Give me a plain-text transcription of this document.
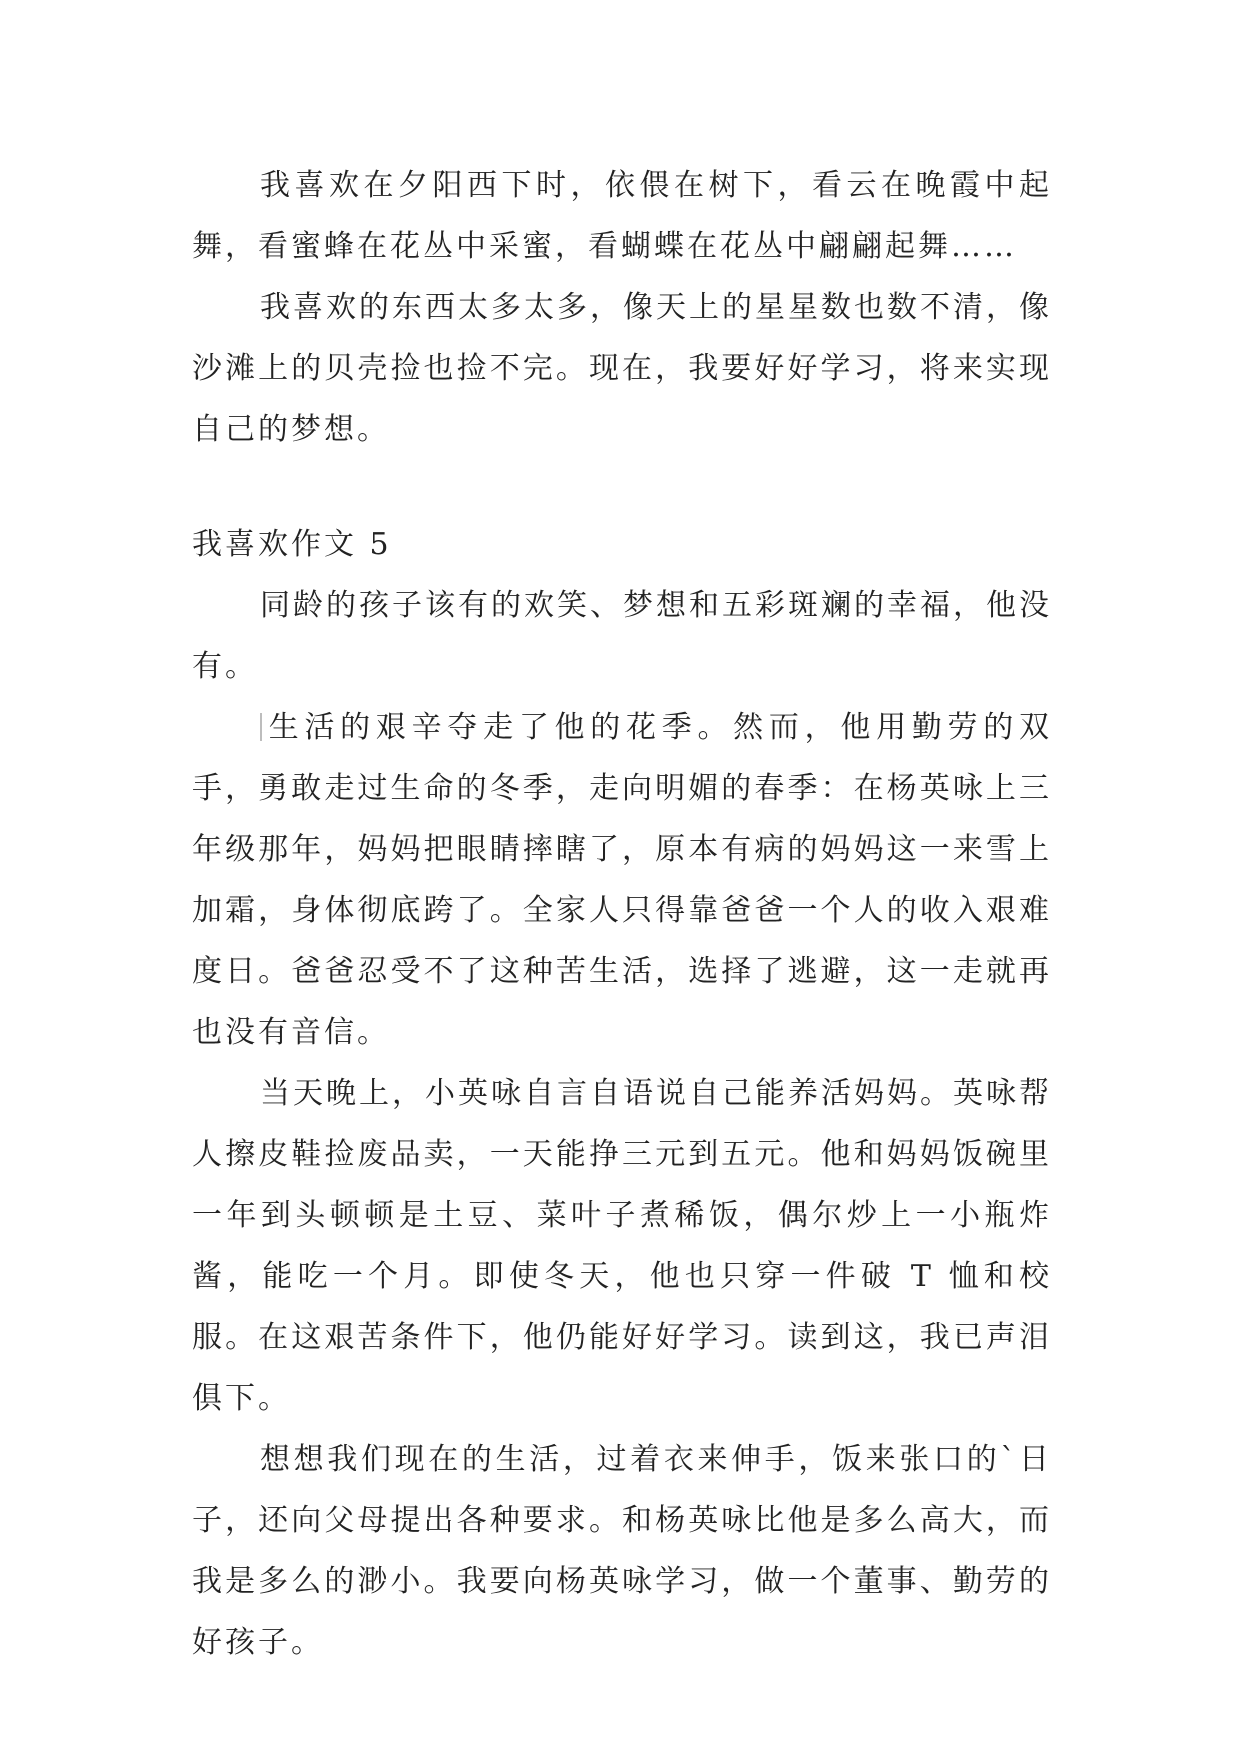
我喜欢在夕阳西下时，依偎在树下，看云在晚霞中起舞，看蜜蜂在花丛中采蜜，看蝴蝶在花丛中翩翩起舞……

我喜欢的东西太多太多，像天上的星星数也数不清，像沙滩上的贝壳捡也捡不完。现在，我要好好学习，将来实现自己的梦想。

我喜欢作文 5

同龄的孩子该有的欢笑、梦想和五彩斑斓的幸福，他没有。

生活的艰辛夺走了他的花季。然而，他用勤劳的双手，勇敢走过生命的冬季，走向明媚的春季：在杨英咏上三年级那年，妈妈把眼睛摔瞎了，原本有病的妈妈这一来雪上加霜，身体彻底跨了。全家人只得靠爸爸一个人的收入艰难度日。爸爸忍受不了这种苦生活，选择了逃避，这一走就再也没有音信。

当天晚上，小英咏自言自语说自己能养活妈妈。英咏帮人擦皮鞋捡废品卖，一天能挣三元到五元。他和妈妈饭碗里一年到头顿顿是土豆、菜叶子煮稀饭，偶尔炒上一小瓶炸酱，能吃一个月。即使冬天，他也只穿一件破 T 恤和校服。在这艰苦条件下，他仍能好好学习。读到这，我已声泪俱下。

想想我们现在的生活，过着衣来伸手，饭来张口的`日子，还向父母提出各种要求。和杨英咏比他是多么高大，而我是多么的渺小。我要向杨英咏学习，做一个董事、勤劳的好孩子。
